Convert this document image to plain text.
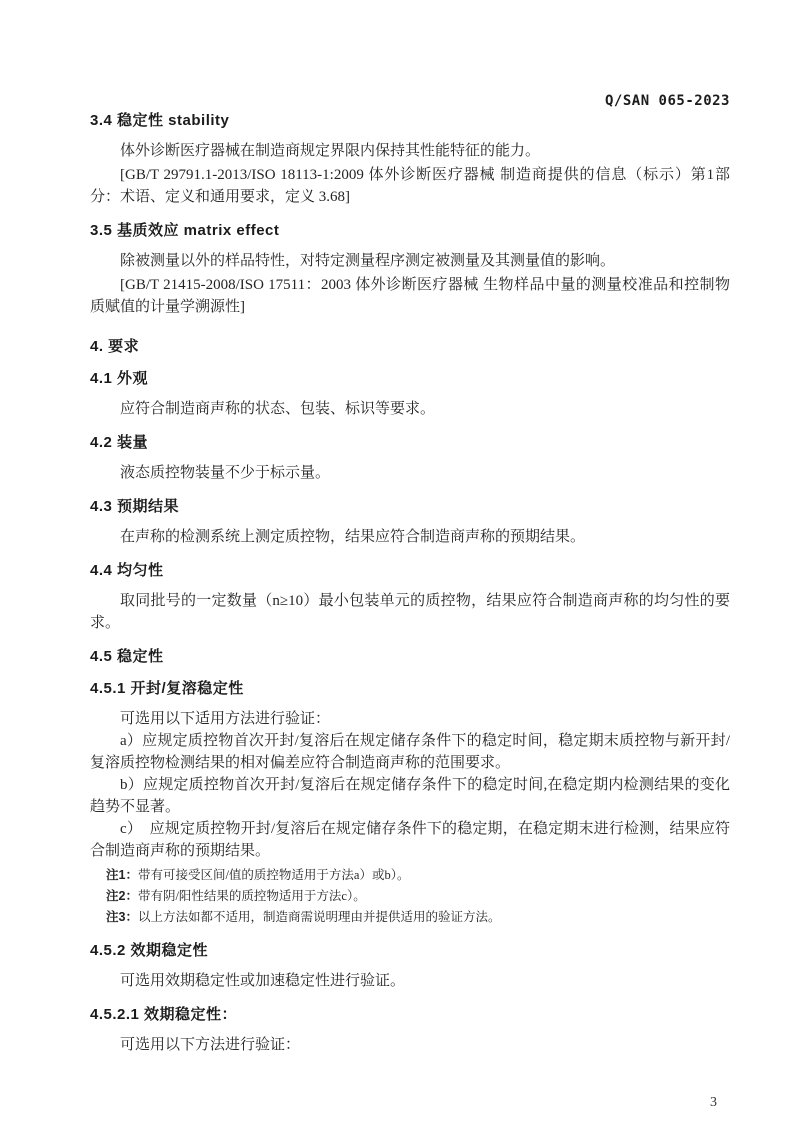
Q/SAN 065-2023
3.4 稳定性 stability

体外诊断医疗器械在制造商规定界限内保持其性能特征的能力。

[GB/T 29791.1-2013/ISO 18113-1:2009 体外诊断医疗器械 制造商提供的信息（标示）第1部分：术语、定义和通用要求，定义 3.68]

3.5 基质效应 matrix effect

除被测量以外的样品特性，对特定测量程序测定被测量及其测量值的影响。

[GB/T 21415-2008/ISO 17511：2003 体外诊断医疗器械 生物样品中量的测量校准品和控制物质赋值的计量学溯源性]

4. 要求
4.1 外观

应符合制造商声称的状态、包装、标识等要求。

4.2 装量

液态质控物装量不少于标示量。

4.3 预期结果

在声称的检测系统上测定质控物，结果应符合制造商声称的预期结果。

4.4 均匀性

取同批号的一定数量（n≥10）最小包装单元的质控物，结果应符合制造商声称的均匀性的要求。

4.5 稳定性
4.5.1 开封/复溶稳定性

可选用以下适用方法进行验证：

a）应规定质控物首次开封/复溶后在规定储存条件下的稳定时间，稳定期末质控物与新开封/复溶质控物检测结果的相对偏差应符合制造商声称的范围要求。

b）应规定质控物首次开封/复溶后在规定储存条件下的稳定时间,在稳定期内检测结果的变化趋势不显著。

c）　应规定质控物开封/复溶后在规定储存条件下的稳定期，在稳定期末进行检测，结果应符合制造商声称的预期结果。

注1：带有可接受区间/值的质控物适用于方法a）或b）。

注2：带有阴/阳性结果的质控物适用于方法c）。

注3：以上方法如都不适用，制造商需说明理由并提供适用的验证方法。

4.5.2 效期稳定性

可选用效期稳定性或加速稳定性进行验证。

4.5.2.1 效期稳定性：

可选用以下方法进行验证：

3
